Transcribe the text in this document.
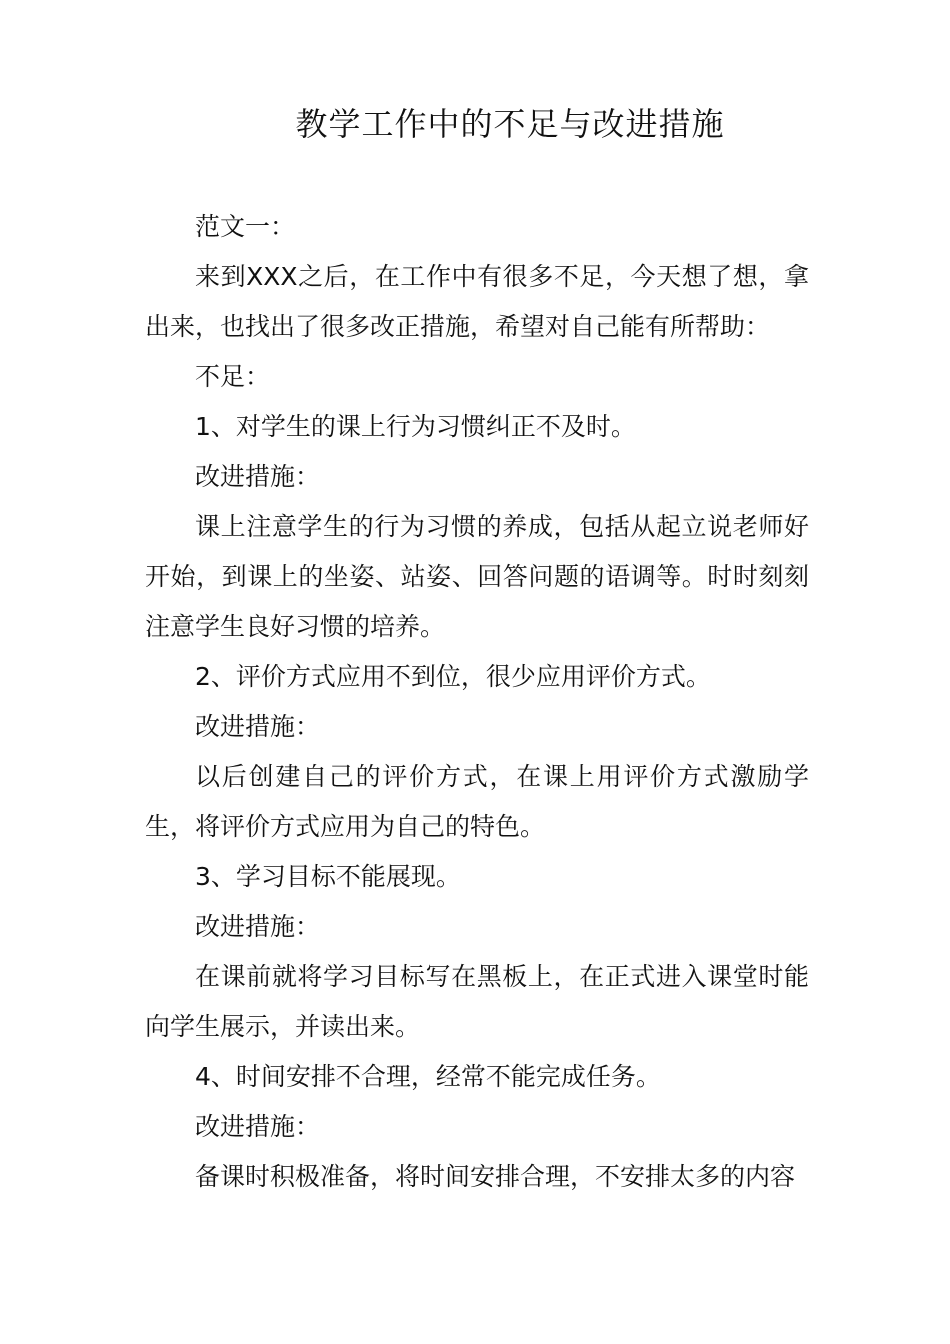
教学工作中的不足与改进措施

范文一：

来到XXX之后，在工作中有很多不足，今天想了想，拿出来，也找出了很多改正措施，希望对自己能有所帮助：

不足：

1、对学生的课上行为习惯纠正不及时。

改进措施：

课上注意学生的行为习惯的养成，包括从起立说老师好开始，到课上的坐姿、站姿、回答问题的语调等。时时刻刻注意学生良好习惯的培养。

2、评价方式应用不到位，很少应用评价方式。

改进措施：

以后创建自己的评价方式，在课上用评价方式激励学生，将评价方式应用为自己的特色。

3、学习目标不能展现。

改进措施：

在课前就将学习目标写在黑板上，在正式进入课堂时能向学生展示，并读出来。

4、时间安排不合理，经常不能完成任务。

改进措施：

备课时积极准备，将时间安排合理，不安排太多的内容
